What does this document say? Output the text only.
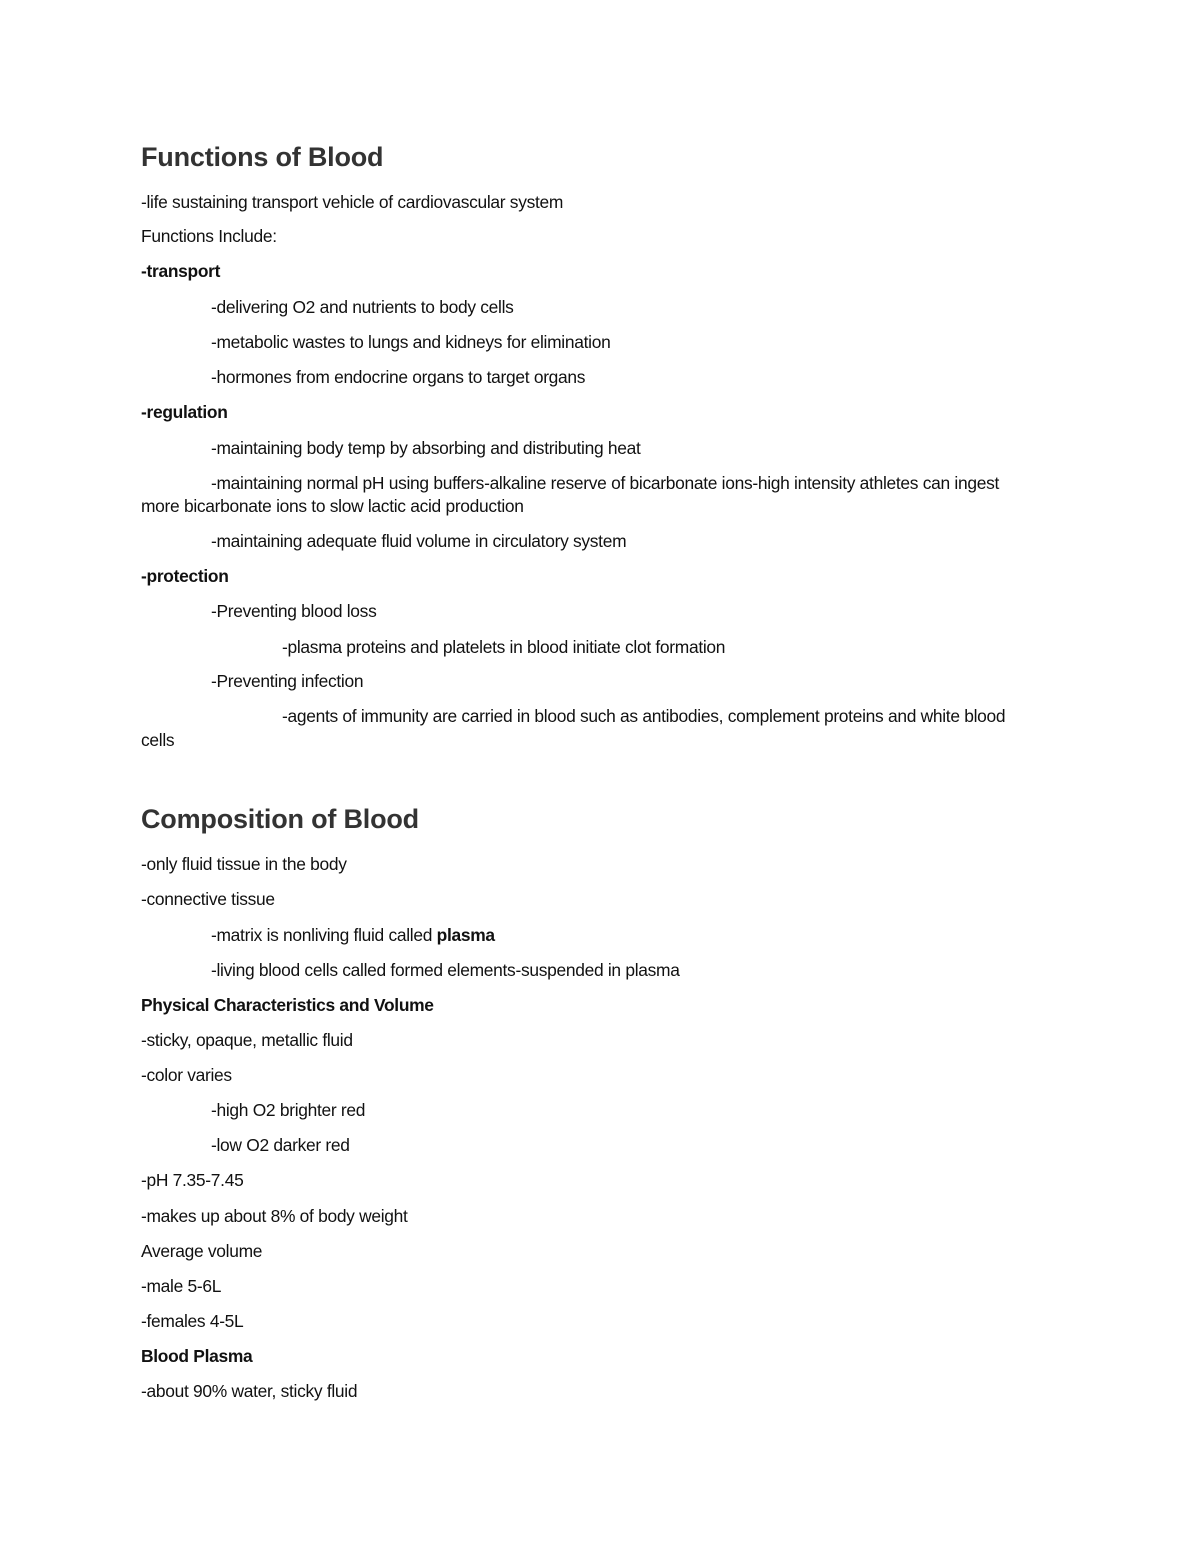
Functions of Blood
-life sustaining transport vehicle of cardiovascular system
Functions Include:
-transport
-delivering O2 and nutrients to body cells
-metabolic wastes to lungs and kidneys for elimination
-hormones from endocrine organs to target organs
-regulation
-maintaining body temp by absorbing and distributing heat
-maintaining normal pH using buffers-alkaline reserve of bicarbonate ions-high intensity athletes can ingest
more bicarbonate ions to slow lactic acid production
-maintaining adequate fluid volume in circulatory system
-protection
-Preventing blood loss
-plasma proteins and platelets in blood initiate clot formation
-Preventing infection
-agents of immunity are carried in blood such as antibodies, complement proteins and white blood
cells
Composition of Blood
-only fluid tissue in the body
-connective tissue
-matrix is nonliving fluid called plasma
-living blood cells called formed elements-suspended in plasma
Physical Characteristics and Volume
-sticky, opaque, metallic fluid
-color varies
-high O2 brighter red
-low O2 darker red
-pH 7.35-7.45
-makes up about 8% of body weight
Average volume
-male 5-6L
-females 4-5L
Blood Plasma
-about 90% water, sticky fluid
